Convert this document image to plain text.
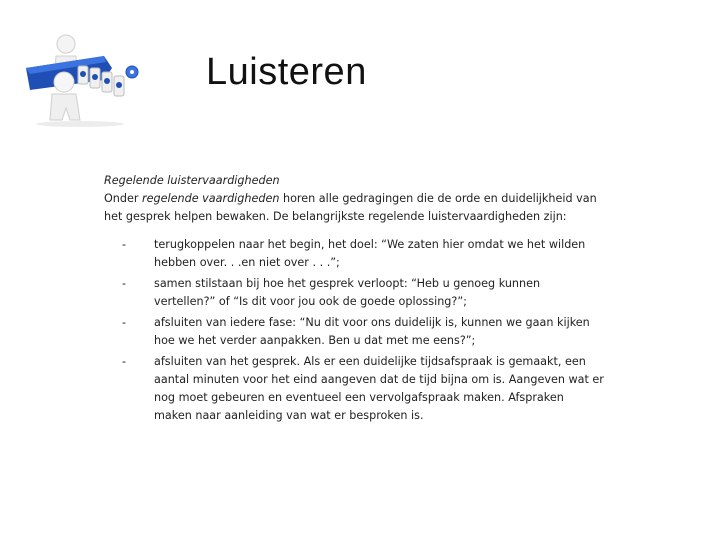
Luisteren
Regelende luistervaardigheden

Onder regelende vaardigheden horen alle gedragingen die de orde en duidelijkheid van het gesprek helpen bewaken. De belangrijkste regelende luistervaardigheden zijn:

-	terugkoppelen naar het begin, het doel: “We zaten hier omdat we het wilden hebben over. . .en niet over . . .”;
-	samen stilstaan bij hoe het gesprek verloopt: “Heb u genoeg kunnen vertellen?” of “Is dit voor jou ook de goede oplossing?”;
-	afsluiten van iedere fase: “Nu dit voor ons duidelijk is, kunnen we gaan kijken hoe we het verder aanpakken. Ben u dat met me eens?”;
-	afsluiten van het gesprek. Als er een duidelijke tijdsafspraak is gemaakt, een aantal minuten voor het eind aangeven dat de tijd bijna om is. Aangeven wat er nog moet gebeuren en eventueel een vervolgafspraak maken. Afspraken maken naar aanleiding van wat er besproken is.
